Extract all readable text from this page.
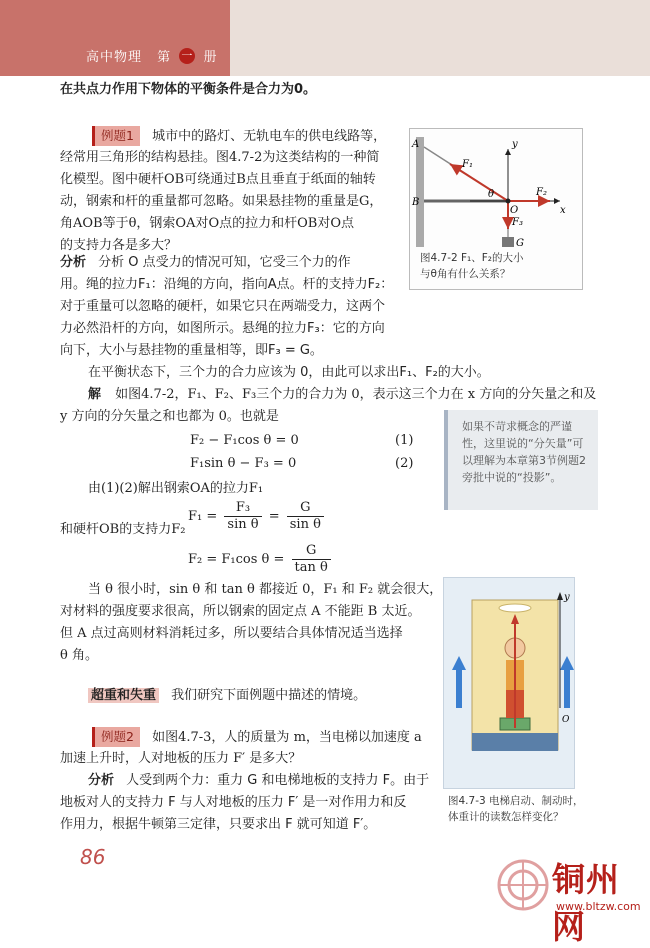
高中物理 第 一 册
在共点力作用下物体的平衡条件是合力为0。
例题1 城市中的路灯、无轨电车的供电线路等，
经常用三角形的结构悬挂。图4.7-2为这类结构的一种简
化模型。图中硬杆OB可绕通过B点且垂直于纸面的轴转
动，钢索和杆的重量都可忽略。如果悬挂物的重量是G，
角AOB等于θ，钢索OA对O点的拉力和杆OB对O点
的支持力各是多大？
A
B
O	x
y
F₁
F₂
F₃
θ
G
图4.7-2 F₁、F₂的大小
与θ角有什么关系？
分析 分析 O 点受力的情况可知，它受三个力的作
用。绳的拉力F₁：沿绳的方向，指向A点。杆的支持力F₂：
对于重量可以忽略的硬杆，如果它只在两端受力，这两个
力必然沿杆的方向，如图所示。悬绳的拉力F₃：它的方向
向下，大小与悬挂物的重量相等，即F₃ = G。
在平衡状态下，三个力的合力应该为 0，由此可以求出F₁、F₂的大小。
解 如图4.7-2，F₁、F₂、F₃三个力的合力为 0，表示这三个力在 x 方向的分矢量之和及
y 方向的分矢量之和也都为 0。也就是
F₂ − F₁cos θ = 0	(1)
F₁sin θ − F₃ = 0	(2)
由(1)(2)解出钢索OA的拉力F₁
$F_1 = \frac{\text{F₃}}{\text{sin θ}} = \frac{G}{\text{sin θ}}$
和硬杆OB的支持力F₂
F₂ = F₁cos $\theta = \frac{G}{\text{tan θ}}$
当 θ 很小时，sin θ 和 tan θ 都接近 0，F₁ 和 F₂ 就会很大，
对材料的强度要求很高，所以钢索的固定点 A 不能距 B 太近。
但 A 点过高则材料消耗过多，所以要结合具体情况适当选择
θ 角。

如果不苛求概念的严谨性，这里说的“分矢量”可以理解为本章第3节例题2旁批中说的“投影”。

超重和失重 我们研究下面例题中描述的情境。
例题2 如图4.7-3，人的质量为 m，当电梯以加速度 a
加速上升时，人对地板的压力 F′ 是多大？
分析 人受到两个力：重力 G 和电梯地板的支持力 F。由于
地板对人的支持力 F 与人对地板的压力 F′ 是一对作用力和反
作用力，根据牛顿第三定律，只要求出 F 就可知道 F′。
y
O
图4.7-3 电梯启动、制动时，
体重计的读数怎样变化？
86
铜州网
www.bltzw.com
